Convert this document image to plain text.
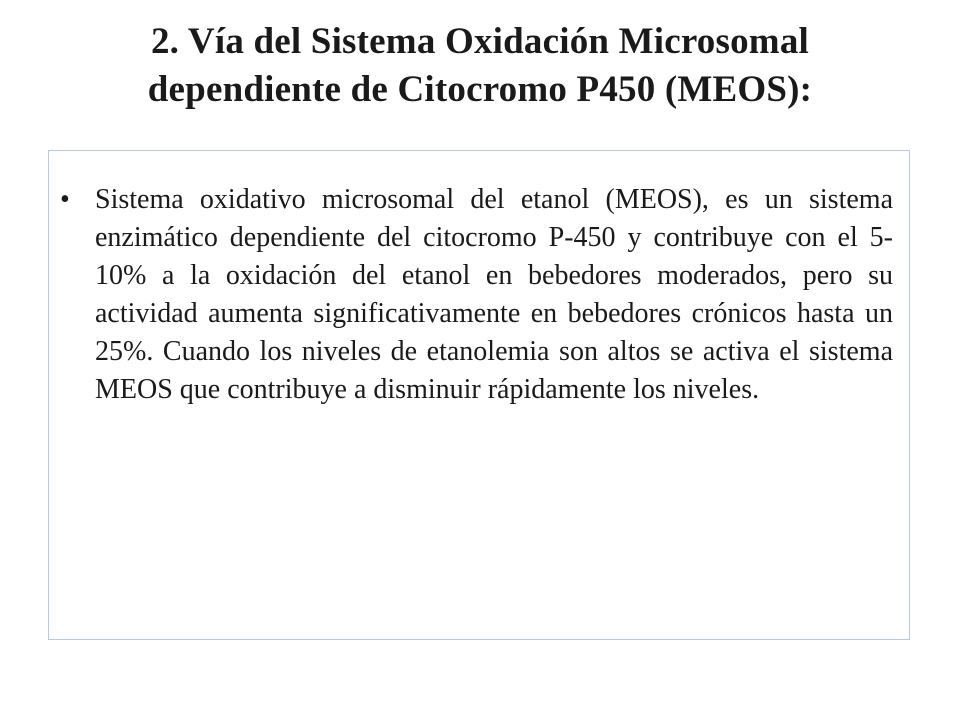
2. Vía del Sistema Oxidación Microsomal
dependiente de Citocromo P450 (MEOS):
• Sistema oxidativo microsomal del etanol (MEOS), es un sistema enzimático dependiente del citocromo P-450 y contribuye con el 5-10% a la oxidación del etanol en bebedores moderados, pero su actividad aumenta significativamente en bebedores crónicos hasta un 25%. Cuando los niveles de etanolemia son altos se activa el sistema MEOS que contribuye a disminuir rápidamente los niveles.
